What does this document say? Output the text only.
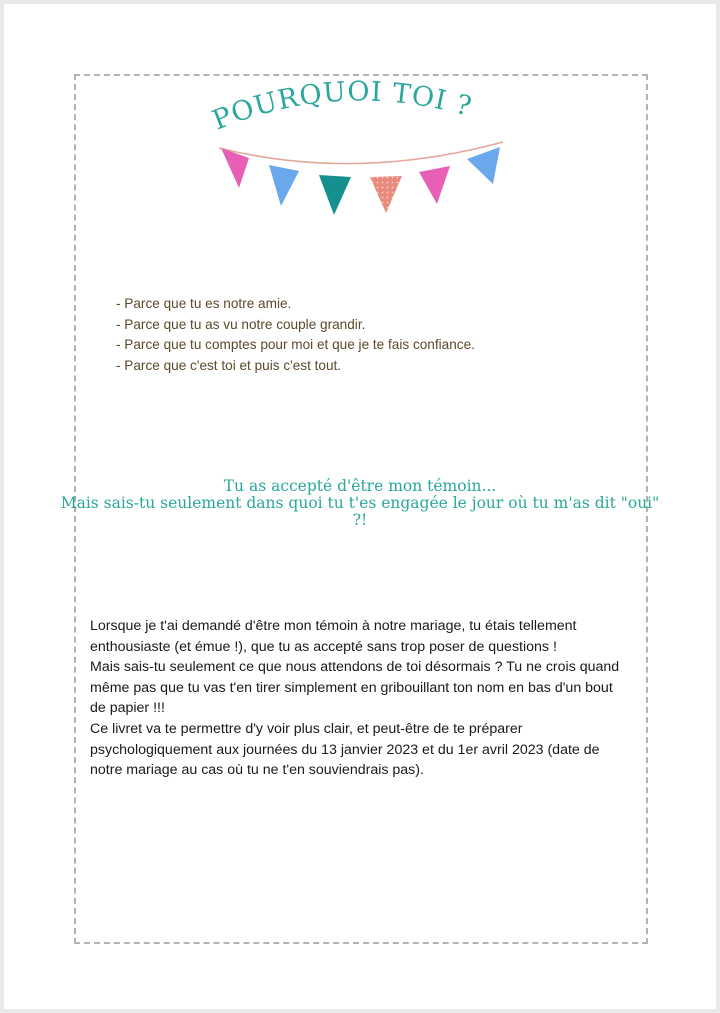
POURQUOI TOI ?
- Parce que tu es notre amie.
- Parce que tu as vu notre couple grandir.
- Parce que tu comptes pour moi et que je te fais confiance.
- Parce que c'est toi et puis c'est tout.
Tu as accepté d'être mon témoin...
Mais sais-tu seulement dans quoi tu t'es engagée le jour où tu m'as dit "oui"
?!

Lorsque je t'ai demandé d'être mon témoin à notre mariage, tu étais tellement enthousiaste (et émue !), que tu as accepté sans trop poser de questions !

Mais sais-tu seulement ce que nous attendons de toi désormais ? Tu ne crois quand même pas que tu vas t'en tirer simplement en gribouillant ton nom en bas d'un bout de papier !!!

Ce livret va te permettre d'y voir plus clair, et peut-être de te préparer psychologiquement aux journées du 13 janvier 2023 et du 1er avril 2023 (date de notre mariage au cas où tu ne t'en souviendrais pas).
